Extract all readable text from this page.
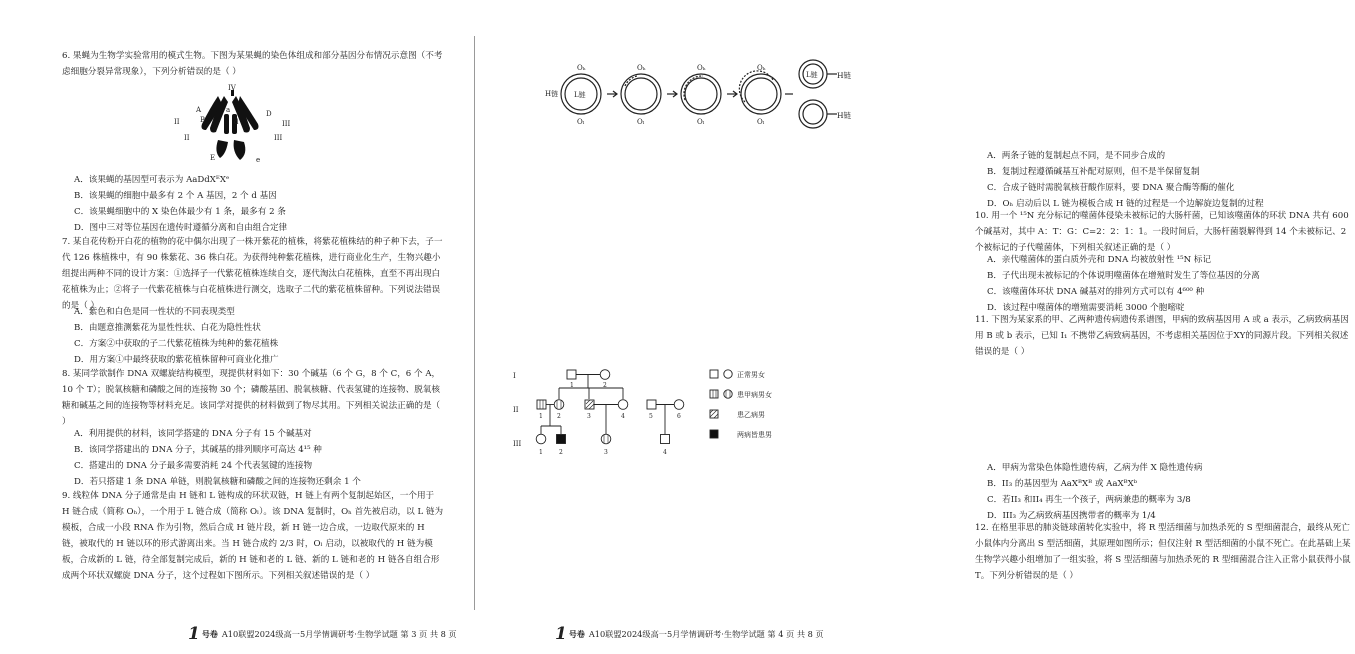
6. 果蝇为生物学实验常用的模式生物。下图为某果蝇的染色体组成和部分基因分布情况示意图（不考虑细胞分裂异常现象），下列分析错误的是（ ）
IV
A
B
a
d
D
II	III
II	III
E	e
A．该果蝇的基因型可表示为 AaDdXᴱXᵉ
B．该果蝇的细胞中最多有 2 个 A 基因，2 个 d 基因
C．该果蝇细胞中的 X 染色体最少有 1 条，最多有 2 条
D．图中三对等位基因在遗传时遵循分离和自由组合定律
7. 某自花传粉开白花的植物的花中偶尔出现了一株开紫花的植株，将紫花植株结的种子种下去，子一代 126 株植株中，有 90 株紫花、36 株白花。为获得纯种紫花植株，进行商业化生产，生物兴趣小组提出两种不同的设计方案：①选择子一代紫花植株连续自交，逐代淘汰白花植株，直至不再出现白花植株为止；②将子一代紫花植株与白花植株进行测交，选取子二代的紫花植株留种。下列说法错误的是（ ）
A．紫色和白色是同一性状的不同表现类型
B．由题意推测紫花为显性性状、白花为隐性性状
C．方案②中获取的子二代紫花植株为纯种的紫花植株
D．用方案①中最终获取的紫花植株留种可商业化推广
8. 某同学欲制作 DNA 双螺旋结构模型，现提供材料如下：30 个碱基（6 个 G，8 个 C，6 个 A，10 个 T）；脱氧核糖和磷酸之间的连接物 30 个；磷酸基团、脱氧核糖、代表氢键的连接物、脱氧核糖和碱基之间的连接物等材料充足。该同学对提供的材料做到了物尽其用。下列相关说法正确的是（ ）
A．利用提供的材料，该同学搭建的 DNA 分子有 15 个碱基对
B．该同学搭建出的 DNA 分子，其碱基的排列顺序可高达 4¹⁵ 种
C．搭建出的 DNA 分子最多需要消耗 24 个代表氢键的连接物
D．若只搭建 1 条 DNA 单链，则脱氧核糖和磷酸之间的连接物还剩余 1 个
9. 线粒体 DNA 分子通常是由 H 链和 L 链构成的环状双链，H 链上有两个复制起始区，一个用于 H 链合成（简称 Oₕ），一个用于 L 链合成（简称 Oₗ）。该 DNA 复制时，Oₕ 首先被启动，以 L 链为模板，合成一小段 RNA 作为引物，然后合成 H 链片段，新 H 链一边合成，一边取代原来的 H 链，被取代的 H 链以环的形式游离出来。当 H 链合成约 2/3 时，Oₗ 启动，以被取代的 H 链为模板，合成新的 L 链，待全部复制完成后，新的 H 链和老的 L 链、新的 L 链和老的 H 链各自组合形成两个环状双螺旋 DNA 分子，这个过程如下图所示。下列相关叙述错误的是（ ）
1 号卷 A10联盟2024级高一5月学情调研考·生物学试题 第 3 页 共 8 页
H链 L链
Oₕ
Oₗ
Oₕ
Oₗ
Oₕ
Oₗ
Oₕ
Oₗ
L链	H链
H链
A．两条子链的复制起点不同，是不同步合成的
B．复制过程遵循碱基互补配对原则，但不是半保留复制
C．合成子链时需脱氧核苷酸作原料，要 DNA 聚合酶等酶的催化
D．Oₕ 启动后以 L 链为模板合成 H 链的过程是一个边解旋边复制的过程
10. 用一个 ¹⁵N 充分标记的噬菌体侵染未被标记的大肠杆菌，已知该噬菌体的环状 DNA 共有 600 个碱基对，其中 A：T：G：C=2：2：1：1。一段时间后，大肠杆菌裂解得到 14 个未被标记、2 个被标记的子代噬菌体，下列相关叙述正确的是（ ）
A．亲代噬菌体的蛋白质外壳和 DNA 均被放射性 ¹⁵N 标记
B．子代出现未被标记的个体说明噬菌体在增殖时发生了等位基因的分离
C．该噬菌体环状 DNA 碱基对的排列方式可以有 4⁶⁰⁰ 种
D．该过程中噬菌体的增殖需要消耗 3000 个胞嘧啶
11. 下图为某家系的甲、乙两种遗传病遗传系谱图，甲病的致病基因用 A 或 a 表示，乙病致病基因用 B 或 b 表示，已知 I₁ 不携带乙病致病基因，不考虑相关基因位于XY的同源片段。下列相关叙述错误的是（ ）
I
II
III
1	2
1 2	3	4	5	6
1	2	3	4
正常男女
患甲病男女
患乙病男
两病皆患男
A．甲病为常染色体隐性遗传病，乙病为伴 X 隐性遗传病
B．II₃ 的基因型为 AaXᴮXᴮ 或 AaXᴮXᵇ
C．若II₃ 和II₄ 再生一个孩子，两病兼患的概率为 3/8
D．III₃ 为乙病致病基因携带者的概率为 1/4
12. 在格里菲思的肺炎链球菌转化实验中，将 R 型活细菌与加热杀死的 S 型细菌混合，最终从死亡小鼠体内分离出 S 型活细菌，其原理如图所示；但仅注射 R 型活细菌的小鼠不死亡。在此基础上某生物学兴趣小组增加了一组实验，将 S 型活细菌与加热杀死的 R 型细菌混合注入正常小鼠获得小鼠 T。下列分析错误的是（ ）
1 号卷 A10联盟2024级高一5月学情调研考·生物学试题 第 4 页 共 8 页
